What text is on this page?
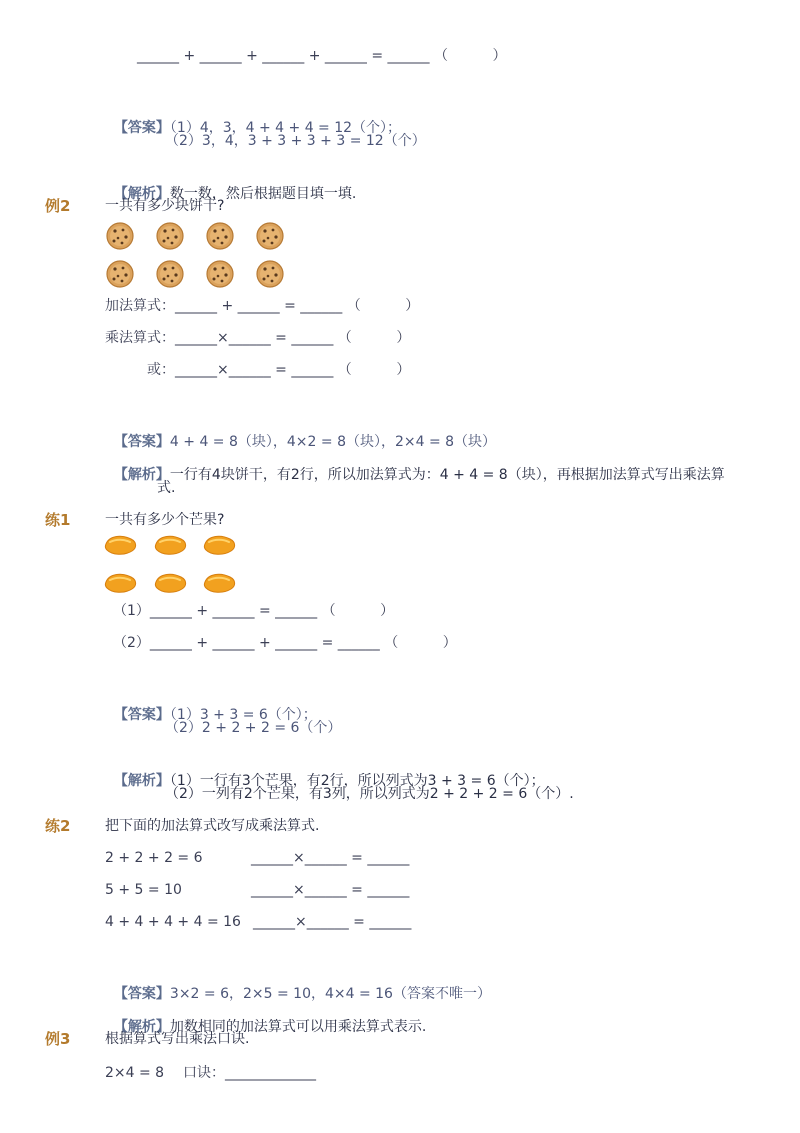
______ + ______ + ______ + ______ = ______ （          ）

【答案】（1）4，3，4 + 4 + 4 = 12（个）；

（2）3，4，3 + 3 + 3 + 3 = 12（个）

【解析】数一数，然后根据题目填一填.

例2 一共有多少块饼干?
加法算式：______ + ______ = ______ （          ）
乘法算式：______×______ = ______ （          ）
或：______×______ = ______ （          ）

【答案】4 + 4 = 8（块），4×2 = 8（块），2×4 = 8（块）

【解析】一行有4块饼干，有2行，所以加法算式为：4 + 4 = 8（块），再根据加法算式写出乘法算

式.
练1 一共有多少个芒果?
（1）______ + ______ = ______ （          ）
（2）______ + ______ + ______ = ______ （          ）

【答案】（1）3 + 3 = 6（个）；

（2）2 + 2 + 2 = 6（个）

【解析】（1）一行有3个芒果，有2行，所以列式为3 + 3 = 6（个）；

（2）一列有2个芒果，有3列，所以列式为2 + 2 + 2 = 6（个）.
练2 把下面的加法算式改写成乘法算式.
2 + 2 + 2 = 6	______×______ = ______
5 + 5 = 10	______×______ = ______
4 + 4 + 4 + 4 = 16 ______×______ = ______

【答案】3×2 = 6，2×5 = 10，4×4 = 16（答案不唯一）

【解析】加数相同的加法算式可以用乘法算式表示.

例3 根据算式写出乘法口诀.
2×4 = 8 口诀：_____________
